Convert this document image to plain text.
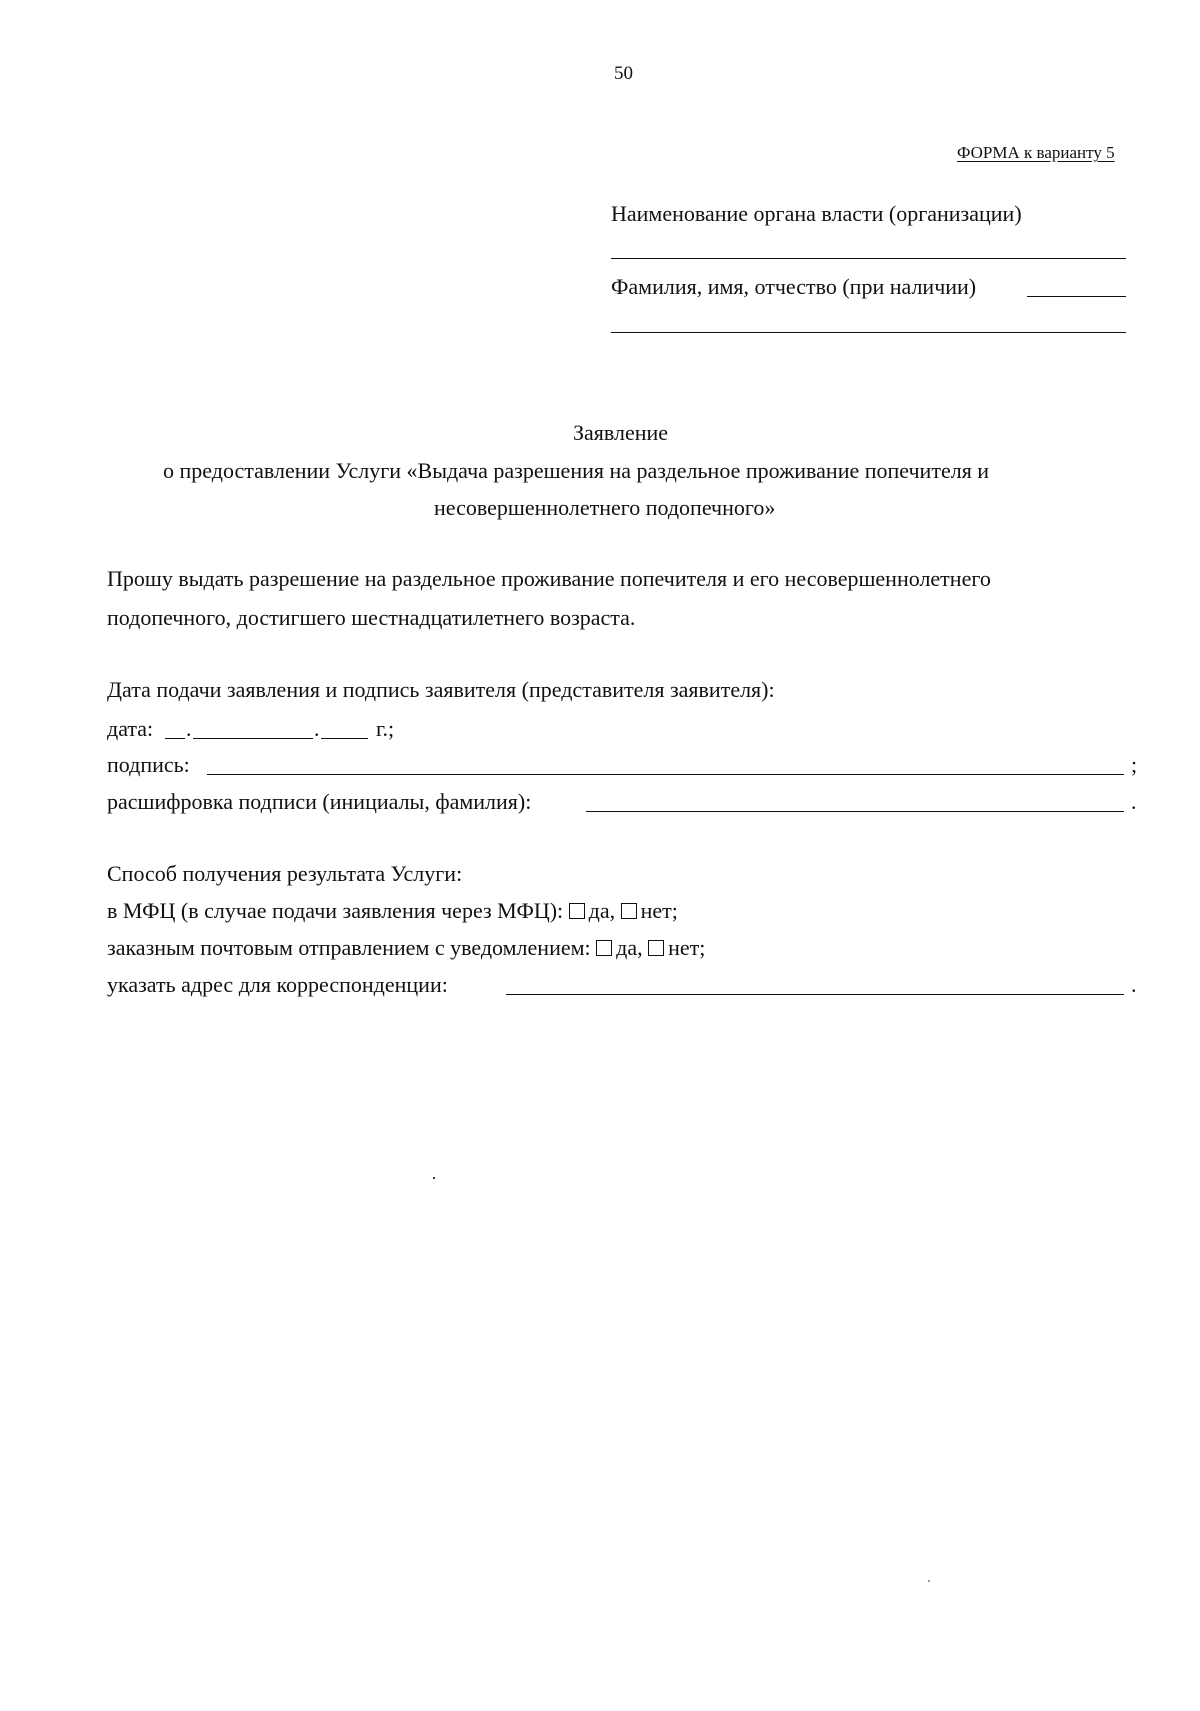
50
ФОРМА к варианту 5
Наименование органа власти (организации)
Фамилия, имя, отчество (при наличии)
Заявление
о предоставлении Услуги «Выдача разрешения на раздельное проживание попечителя и
несовершеннолетнего подопечного»
Прошу выдать разрешение на раздельное проживание попечителя и его несовершеннолетнего
подопечного, достигшего шестнадцатилетнего возраста.
Дата подачи заявления и подпись заявителя (представителя заявителя):
дата: .	.	г.;
подпись:	;
расшифровка подписи (инициалы, фамилия):	.
Способ получения результата Услуги:
в МФЦ (в случае подачи заявления через МФЦ): да, нет;
заказным почтовым отправлением с уведомлением: да, нет;
указать адрес для корреспонденции:	.
